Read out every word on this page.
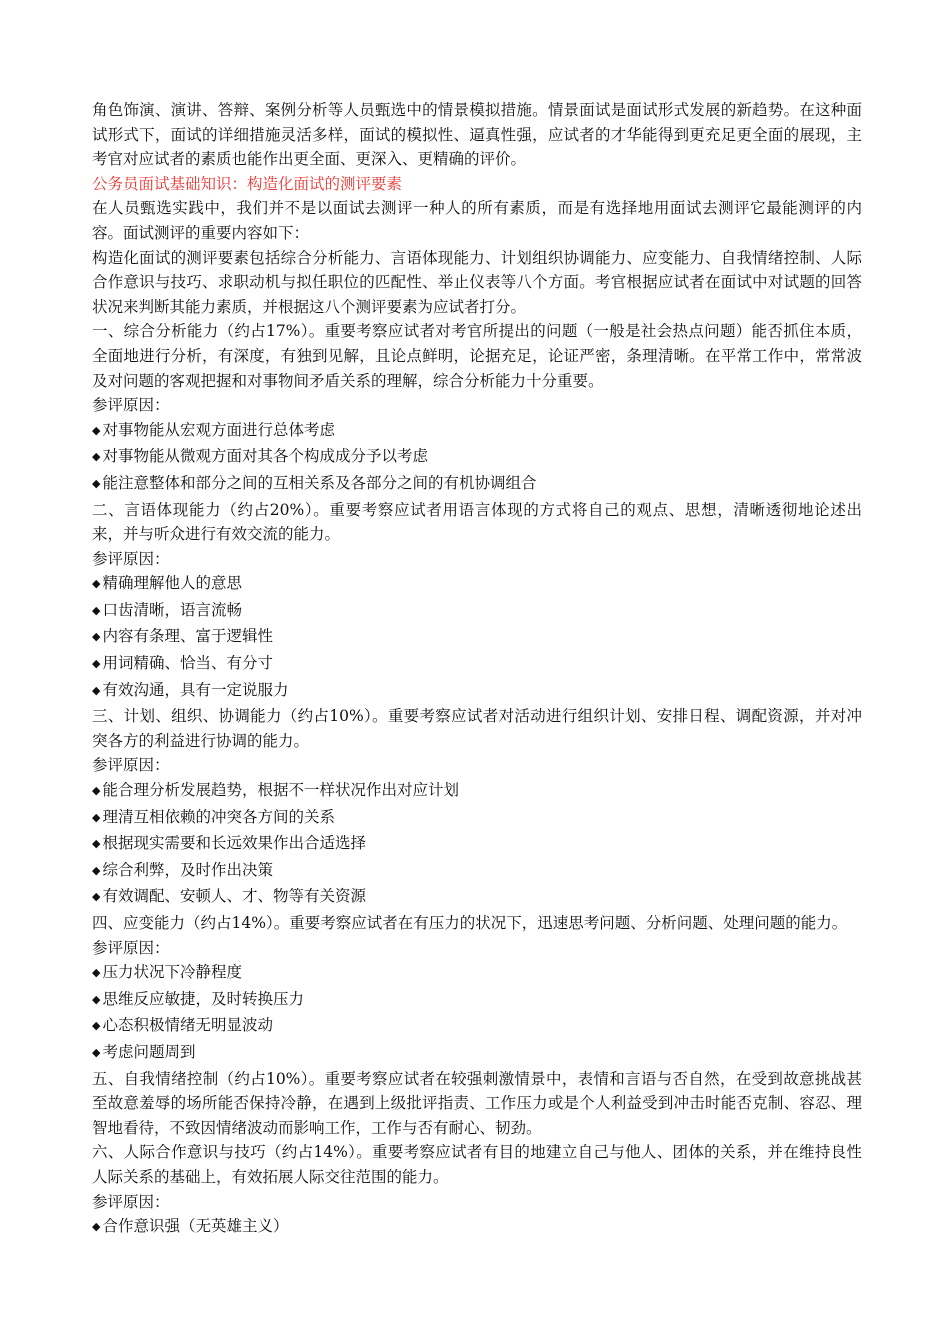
角色饰演、演讲、答辩、案例分析等人员甄选中的情景模拟措施。情景面试是面试形式发展的新趋势。在这种面试形式下，面试的详细措施灵活多样，面试的模拟性、逼真性强，应试者的才华能得到更充足更全面的展现，主考官对应试者的素质也能作出更全面、更深入、更精确的评价。

公务员面试基础知识：构造化面试的测评要素

在人员甄选实践中，我们并不是以面试去测评一种人的所有素质，而是有选择地用面试去测评它最能测评的内容。面试测评的重要内容如下：

构造化面试的测评要素包括综合分析能力、言语体现能力、计划组织协调能力、应变能力、自我情绪控制、人际合作意识与技巧、求职动机与拟任职位的匹配性、举止仪表等八个方面。考官根据应试者在面试中对试题的回答状况来判断其能力素质，并根据这八个测评要素为应试者打分。

一、综合分析能力（约占17%）。重要考察应试者对考官所提出的问题（一般是社会热点问题）能否抓住本质，全面地进行分析，有深度，有独到见解，且论点鲜明，论据充足，论证严密，条理清晰。在平常工作中，常常波及对问题的客观把握和对事物间矛盾关系的理解，综合分析能力十分重要。

参评原因：

◆ 对事物能从宏观方面进行总体考虑

◆ 对事物能从微观方面对其各个构成成分予以考虑

◆ 能注意整体和部分之间的互相关系及各部分之间的有机协调组合

二、言语体现能力（约占20%）。重要考察应试者用语言体现的方式将自己的观点、思想，清晰透彻地论述出来，并与听众进行有效交流的能力。

参评原因：

◆ 精确理解他人的意思

◆ 口齿清晰，语言流畅

◆ 内容有条理、富于逻辑性

◆ 用词精确、恰当、有分寸

◆ 有效沟通，具有一定说服力

三、计划、组织、协调能力（约占10%）。重要考察应试者对活动进行组织计划、安排日程、调配资源，并对冲突各方的利益进行协调的能力。

参评原因：

◆ 能合理分析发展趋势，根据不一样状况作出对应计划

◆ 理清互相依赖的冲突各方间的关系

◆ 根据现实需要和长远效果作出合适选择

◆ 综合利弊，及时作出决策

◆ 有效调配、安顿人、才、物等有关资源

四、应变能力（约占14%）。重要考察应试者在有压力的状况下，迅速思考问题、分析问题、处理问题的能力。

参评原因：

◆ 压力状况下冷静程度

◆ 思维反应敏捷，及时转换压力

◆ 心态积极情绪无明显波动

◆ 考虑问题周到

五、自我情绪控制（约占10%）。重要考察应试者在较强刺激情景中，表情和言语与否自然，在受到故意挑战甚至故意羞辱的场所能否保持冷静，在遇到上级批评指责、工作压力或是个人利益受到冲击时能否克制、容忍、理智地看待，不致因情绪波动而影响工作，工作与否有耐心、韧劲。

六、人际合作意识与技巧（约占14%）。重要考察应试者有目的地建立自己与他人、团体的关系，并在维持良性人际关系的基础上，有效拓展人际交往范围的能力。

参评原因：

◆ 合作意识强（无英雄主义）
